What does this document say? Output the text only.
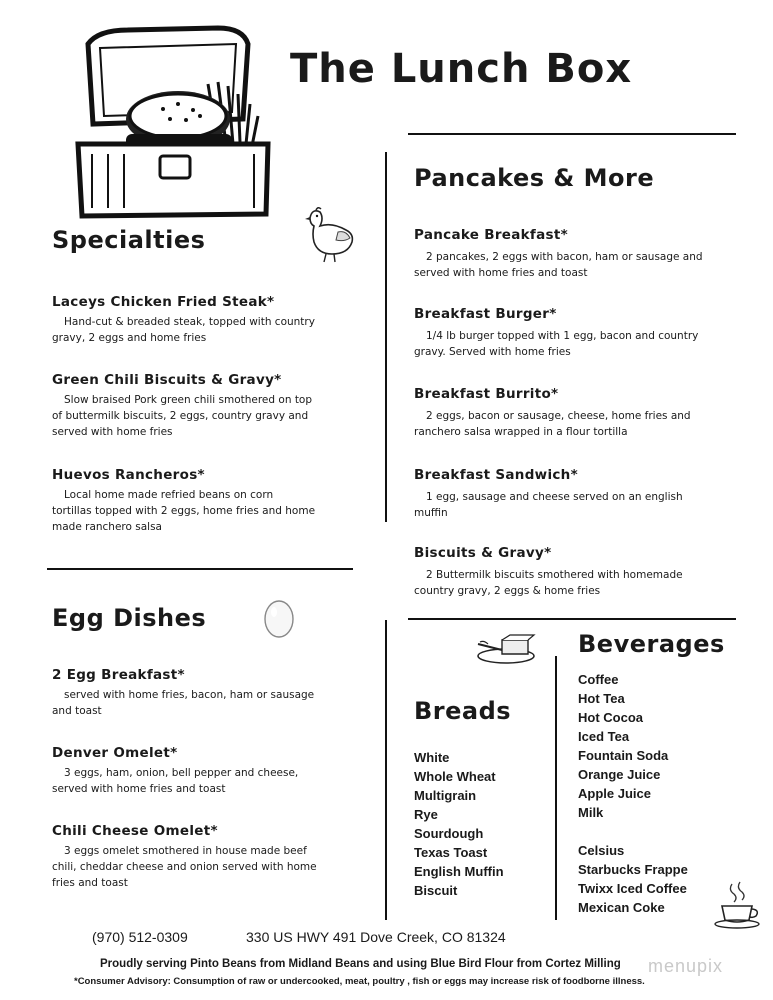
The Lunch Box
Specialties
Laceys Chicken Fried Steak*
Hand-cut & breaded steak, topped with country
gravy, 2 eggs and home fries
Green Chili Biscuits & Gravy*
Slow braised Pork green chili smothered on top
of buttermilk biscuits, 2 eggs, country gravy and
served with home fries
Huevos Rancheros*
Local home made refried beans on corn
tortillas topped with 2 eggs, home fries and home
made ranchero salsa
Egg Dishes
2 Egg Breakfast*
served with home fries, bacon, ham or sausage
and toast
Denver Omelet*
3 eggs, ham, onion, bell pepper and cheese,
served with home fries and toast
Chili Cheese Omelet*
3 eggs omelet smothered in house made beef
chili, cheddar cheese and onion served with home
fries and toast
Pancakes & More
Pancake Breakfast*
2 pancakes, 2 eggs with bacon, ham or sausage and
served with home fries and toast
Breakfast Burger*
1/4 lb burger topped with 1 egg, bacon and country
gravy. Served with home fries
Breakfast Burrito*
2 eggs, bacon or sausage, cheese, home fries and
ranchero salsa wrapped in a flour tortilla
Breakfast Sandwich*
1 egg, sausage and cheese served on an english
muffin
Biscuits & Gravy*
2 Buttermilk biscuits smothered with homemade
country gravy, 2 eggs & home fries
Breads
White
Whole Wheat
Multigrain
Rye
Sourdough
Texas Toast
English Muffin
Biscuit
Beverages
Coffee
Hot Tea
Hot Cocoa
Iced Tea
Fountain Soda
Orange Juice
Apple Juice
Milk
Celsius
Starbucks Frappe
Twixx Iced Coffee
Mexican Coke
(970) 512-0309	330 US HWY 491 Dove Creek, CO 81324
Proudly serving Pinto Beans from Midland Beans and using Blue Bird Flour from Cortez Milling
*Consumer Advisory: Consumption of raw or undercooked, meat, poultry , fish or eggs may increase risk of foodborne illness.
menupix
